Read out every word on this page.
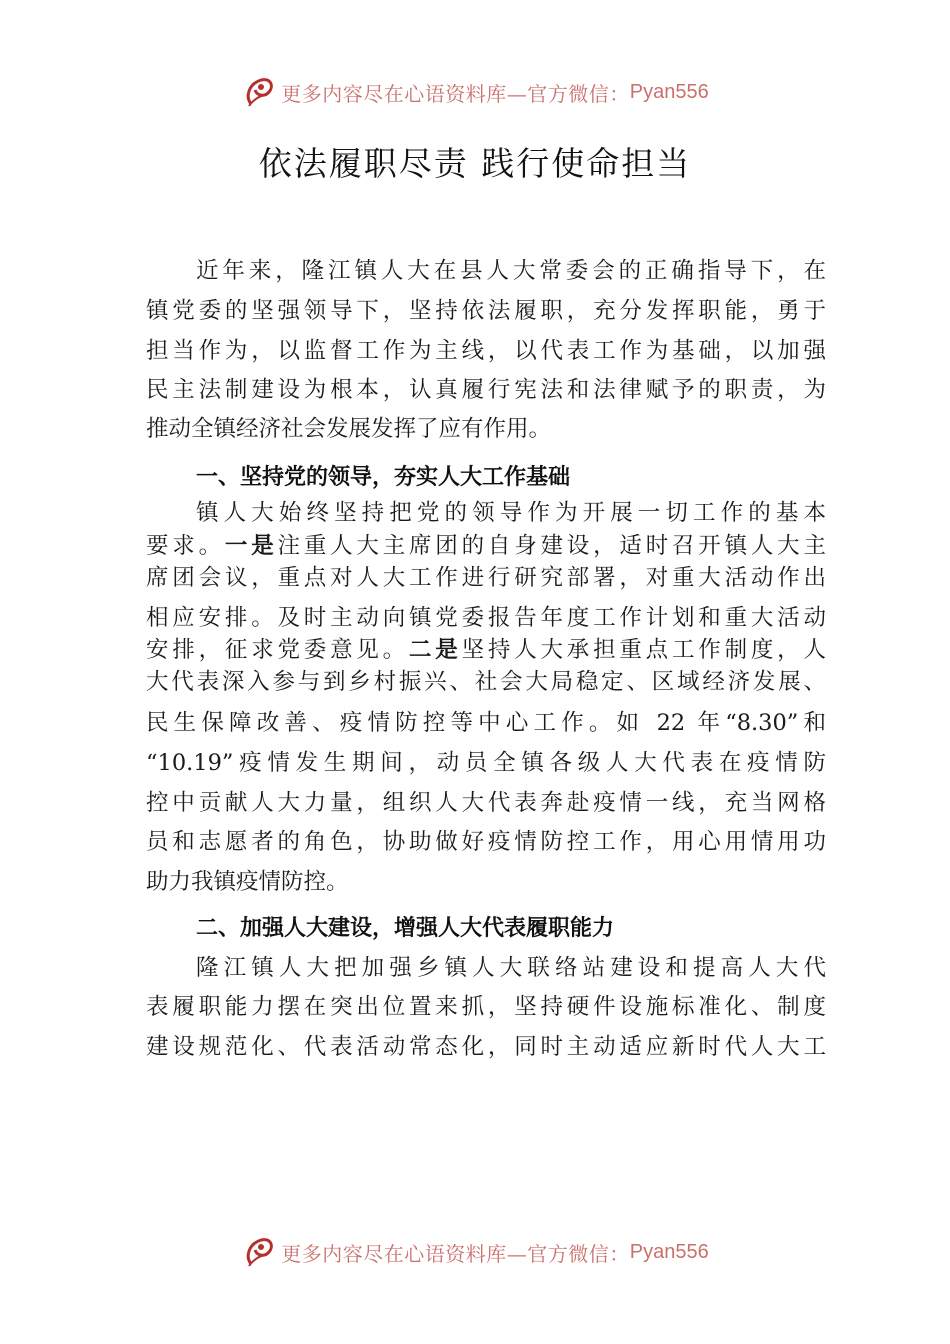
更多内容尽在心语资料库—官方微信： Pyan556
依法履职尽责 践行使命担当
近年来，隆江镇人大在县人大常委会的正确指导下，在
镇党委的坚强领导下，坚持依法履职，充分发挥职能，勇于
担当作为，以监督工作为主线，以代表工作为基础，以加强
民主法制建设为根本，认真履行宪法和法律赋予的职责，为
推动全镇经济社会发展发挥了应有作用。
一、坚持党的领导，夯实人大工作基础
镇人大始终坚持把党的领导作为开展一切工作的基本
要求。一是注重人大主席团的自身建设，适时召开镇人大主
席团会议，重点对人大工作进行研究部署，对重大活动作出
相应安排。及时主动向镇党委报告年度工作计划和重大活动
安排，征求党委意见。二是坚持人大承担重点工作制度，人
大代表深入参与到乡村振兴、社会大局稳定、区域经济发展、
民生保障改善、疫情防控等中心工作。如 22 年“8.30”和
“10.19”疫情发生期间，动员全镇各级人大代表在疫情防
控中贡献人大力量，组织人大代表奔赴疫情一线，充当网格
员和志愿者的角色，协助做好疫情防控工作，用心用情用功
助力我镇疫情防控。
二、加强人大建设，增强人大代表履职能力
隆江镇人大把加强乡镇人大联络站建设和提高人大代
表履职能力摆在突出位置来抓，坚持硬件设施标准化、制度
建设规范化、代表活动常态化，同时主动适应新时代人大工
更多内容尽在心语资料库—官方微信： Pyan556
